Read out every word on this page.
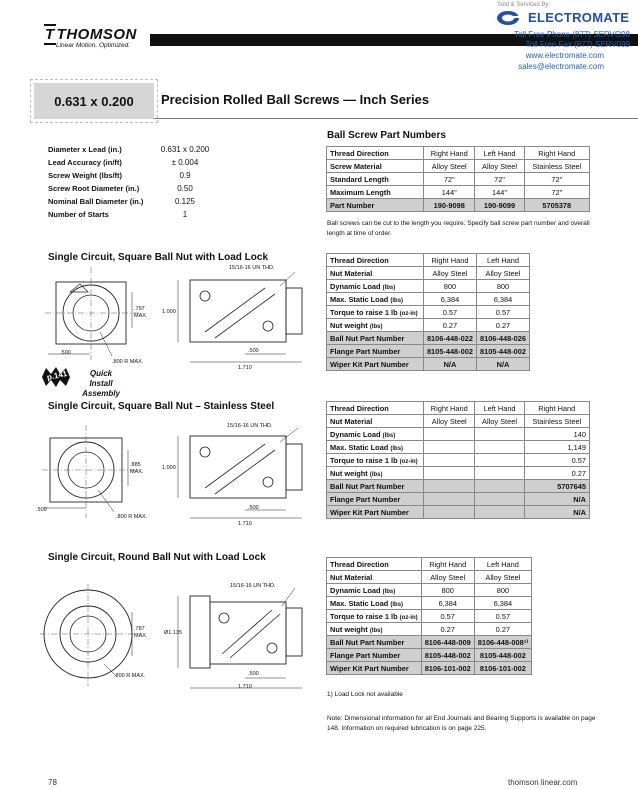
T THOMSON
Linear Motion. Optimized.
Sold & Serviced By:
ELECTROMATE
Toll Free Phone (877) SERVO98
Toll Free Fax (877) SERV099
www.electromate.com
sales@electromate.com
0.631 x 0.200	Precision Rolled Ball Screws — Inch Series
Diameter x Lead (in.)	0.631 x 0.200
Lead Accuracy (in/ft)	± 0.004
Screw Weight (lbs/ft)	0.9
Screw Root Diameter (in.)	0.50
Nominal Ball Diameter (in.)	0.125
Number of Starts	1
Ball Screw Part Numbers
Thread Direction	Right Hand	Left Hand	Right Hand
Screw Material	Alloy Steel	Alloy Steel	Stainless Steel
Standard Length	72"	72"	72"
Maximum Length	144"	144"	72"
Part Number	190-9098	190-9099	5705378
Ball screws can be cut to the length you require. Specify ball screw part number and overall length at time of order.
Single Circuit, Square Ball Nut with Load Lock
15/16-16 UN THD.
.797 MAX.
1.000
.500
.800 R MAX.
.500
1.710
p.141	Quick Install Assembly
Thread Direction	Right Hand	Left Hand
Nut Material	Alloy Steel	Alloy Steel
Dynamic Load (lbs)	800	800
Max. Static Load (lbs)	6,384	6,384
Torque to raise 1 lb (oz-in)	0.57	0.57
Nut weight (lbs)	0.27	0.27
Ball Nut Part Number	8106-448-022	8106-448-026
Flange Part Number	8105-448-002	8105-448-002
Wiper Kit Part Number	N/A	N/A
Single Circuit, Square Ball Nut – Stainless Steel
15/16-16 UN THD.
.885 MAX.
1.000
.500
.800 R MAX.
.500
1.710
Thread Direction	Right Hand	Left Hand	Right Hand
Nut Material	Alloy Steel	Alloy Steel	Stainless Steel
Dynamic Load (lbs)			140
Max. Static Load (lbs)			1,149
Torque to raise 1 lb (oz-in)			0.57
Nut weight (lbs)			0.27
Ball Nut Part Number			5707645
Flange Part Number			N/A
Wiper Kit Part Number			N/A
Single Circuit, Round Ball Nut with Load Lock
15/16-16 UN THD.
.787 MAX.	Ø1.135
.800 R MAX.	.500
1.710
Thread Direction	Right Hand	Left Hand
Nut Material	Alloy Steel	Alloy Steel
Dynamic Load (lbs)	800	800
Max. Static Load (lbs)	6,384	6,384
Torque to raise 1 lb (oz-in)	0.57	0.57
Nut weight (lbs)	0.27	0.27
Ball Nut Part Number	8106-448-009	8106-448-008¹⁾
Flange Part Number	8105-448-002	8105-448-002
Wiper Kit Part Number	8106-101-002	8106-101-002
1) Load Lock not available
Note: Dimensional information for all End Journals and Bearing Supports is available on page 148. Information on required lubrication is on page 225.
78	thomson linear.com
